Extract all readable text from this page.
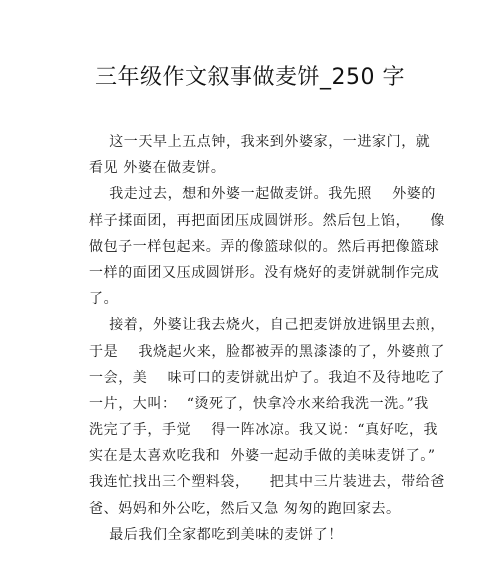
三年级作文叙事做麦饼_250 字
这一天早上五点钟，我来到外婆家，一进家门，就
看见 外婆在做麦饼。
我走过去，想和外婆一起做麦饼。我先照    外婆的
样子揉面团，再把面团压成圆饼形。然后包上馅，    像
做包子一样包起来。弄的像篮球似的。然后再把像篮球
一样的面团又压成圆饼形。没有烧好的麦饼就制作完成
了。
接着，外婆让我去烧火，自己把麦饼放进锅里去煎，
于是    我烧起火来，脸都被弄的黑漆漆的了，外婆煎了
一会，美    味可口的麦饼就出炉了。我迫不及待地吃了
一片，大叫：  “烫死了，快拿冷水来给我洗一洗。”我
洗完了手，手觉    得一阵冰凉。我又说：“真好吃，我
实在是太喜欢吃我和  外婆一起动手做的美味麦饼了。”
我连忙找出三个塑料袋，    把其中三片装进去，带给爸
爸、妈妈和外公吃，然后又急 匆匆的跑回家去。
最后我们全家都吃到美味的麦饼了！
